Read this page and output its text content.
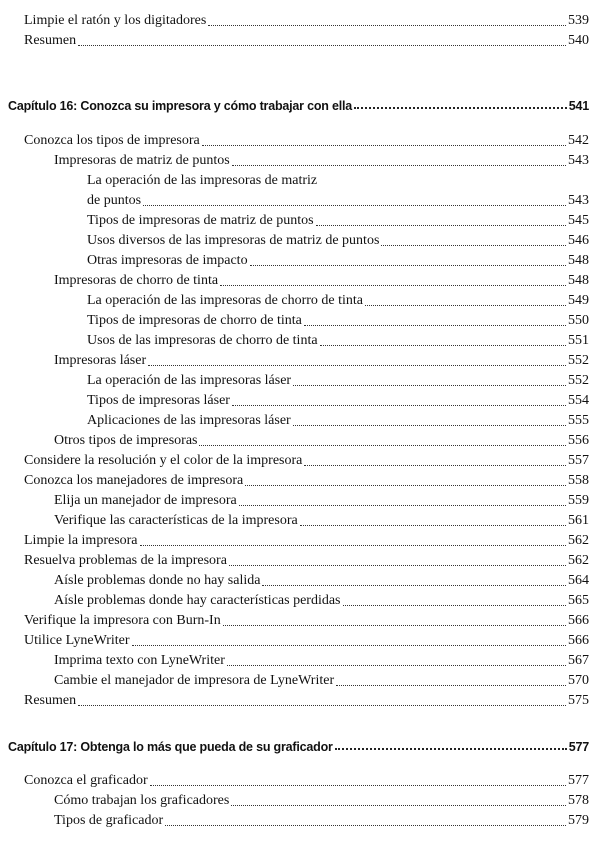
Limpie el ratón y los digitadores	539
Resumen	540
Capítulo 16: Conozca su impresora y cómo trabajar con ella	541
Conozca los tipos de impresora	542
Impresoras de matriz de puntos	543
La operación de las impresoras de matriz
de puntos	543
Tipos de impresoras de matriz de puntos	545
Usos diversos de las impresoras de matriz de puntos	546
Otras impresoras de impacto	548
Impresoras de chorro de tinta	548
La operación de las impresoras de chorro de tinta	549
Tipos de impresoras de chorro de tinta	550
Usos de las impresoras de chorro de tinta	551
Impresoras láser	552
La operación de las impresoras láser	552
Tipos de impresoras láser	554
Aplicaciones de las impresoras láser	555
Otros tipos de impresoras	556
Considere la resolución y el color de la impresora	557
Conozca los manejadores de impresora	558
Elija un manejador de impresora	559
Verifique las características de la impresora	561
Limpie la impresora	562
Resuelva problemas de la impresora	562
Aísle problemas donde no hay salida	564
Aísle problemas donde hay características perdidas	565
Verifique la impresora con Burn-In	566
Utilice LyneWriter	566
Imprima texto con LyneWriter	567
Cambie el manejador de impresora de LyneWriter	570
Resumen	575
Capítulo 17: Obtenga lo más que pueda de su graficador	577
Conozca el graficador	577
Cómo trabajan los graficadores	578
Tipos de graficador	579
